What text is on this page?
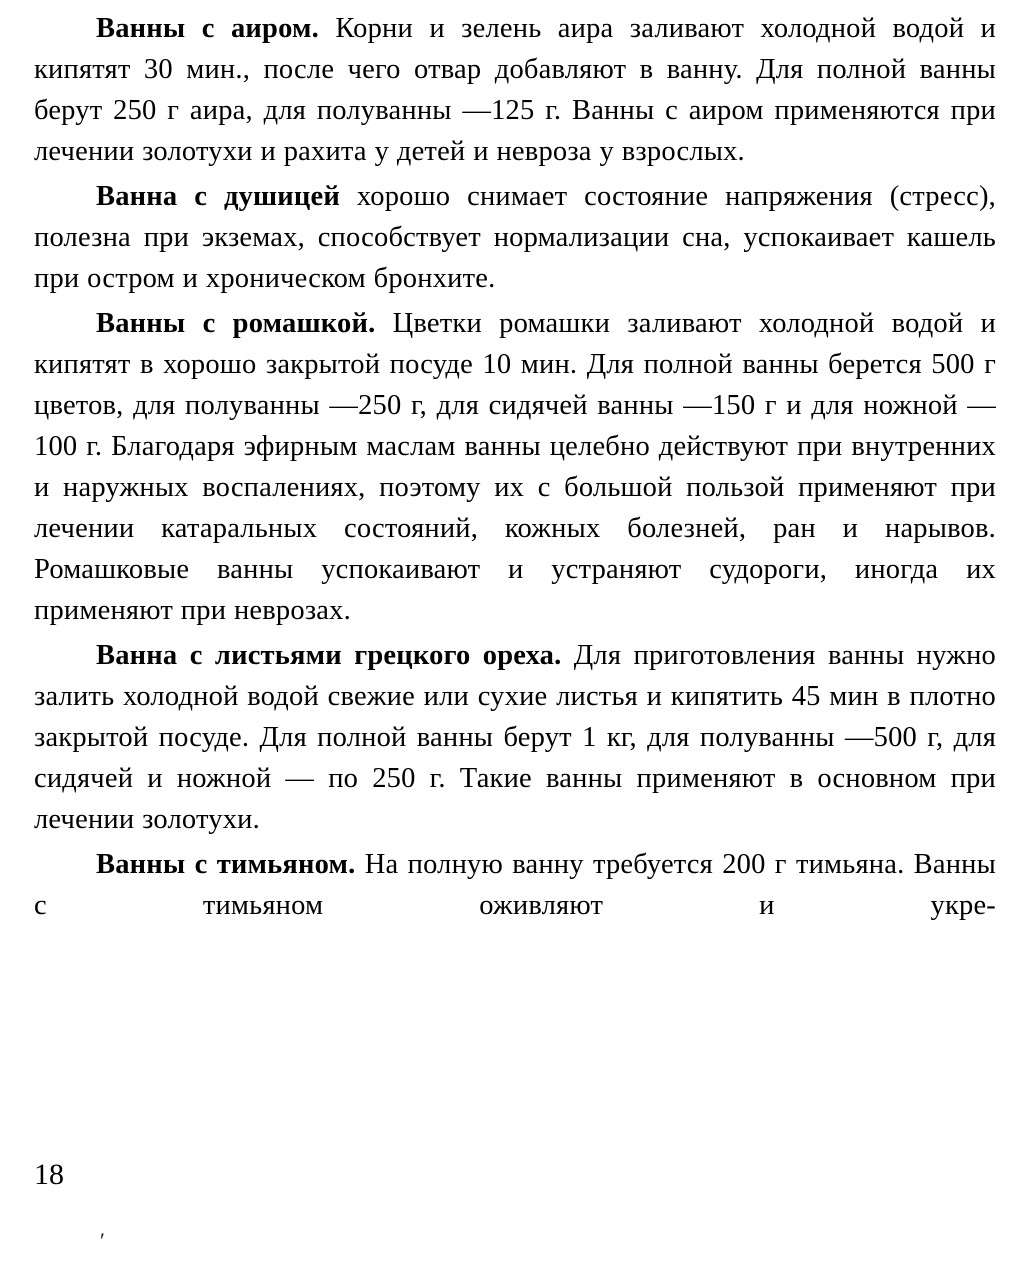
Ванны с аиром. Корни и зелень аира заливают холодной водой и кипятят 30 мин., после чего отвар добавляют в ванну. Для полной ванны берут 250 г аира, для полуванны —125 г. Ванны с аиром применяются при лечении золотухи и рахита у детей и невроза у взрослых.

Ванна с душицей хорошо снимает состояние напряжения (стресс), полезна при экземах, способствует нормализации сна, успокаивает кашель при остром и хроническом бронхите.

Ванны с ромашкой. Цветки ромашки заливают холодной водой и кипятят в хорошо закрытой посуде 10 мин. Для полной ванны берется 500 г цветов, для полуванны —250 г, для сидячей ванны —150 г и для ножной —100 г. Благодаря эфирным маслам ванны целебно действуют при внутренних и наружных воспалениях, поэтому их с большой пользой применяют при лечении катаральных состояний, кожных болезней, ран и нарывов. Ромашковые ванны успокаивают и устраняют судороги, иногда их применяют при неврозах.

Ванна с листьями грецкого ореха. Для приготовления ванны нужно залить холодной водой свежие или сухие листья и кипятить 45 мин в плотно закрытой посуде. Для полной ванны берут 1 кг, для полуванны —500 г, для сидячей и ножной — по 250 г. Такие ванны применяют в основном при лечении золотухи.

Ванны с тимьяном. На полную ванну требуется 200 г тимьяна. Ванны с тимьяном оживляют и укре-

18
′
